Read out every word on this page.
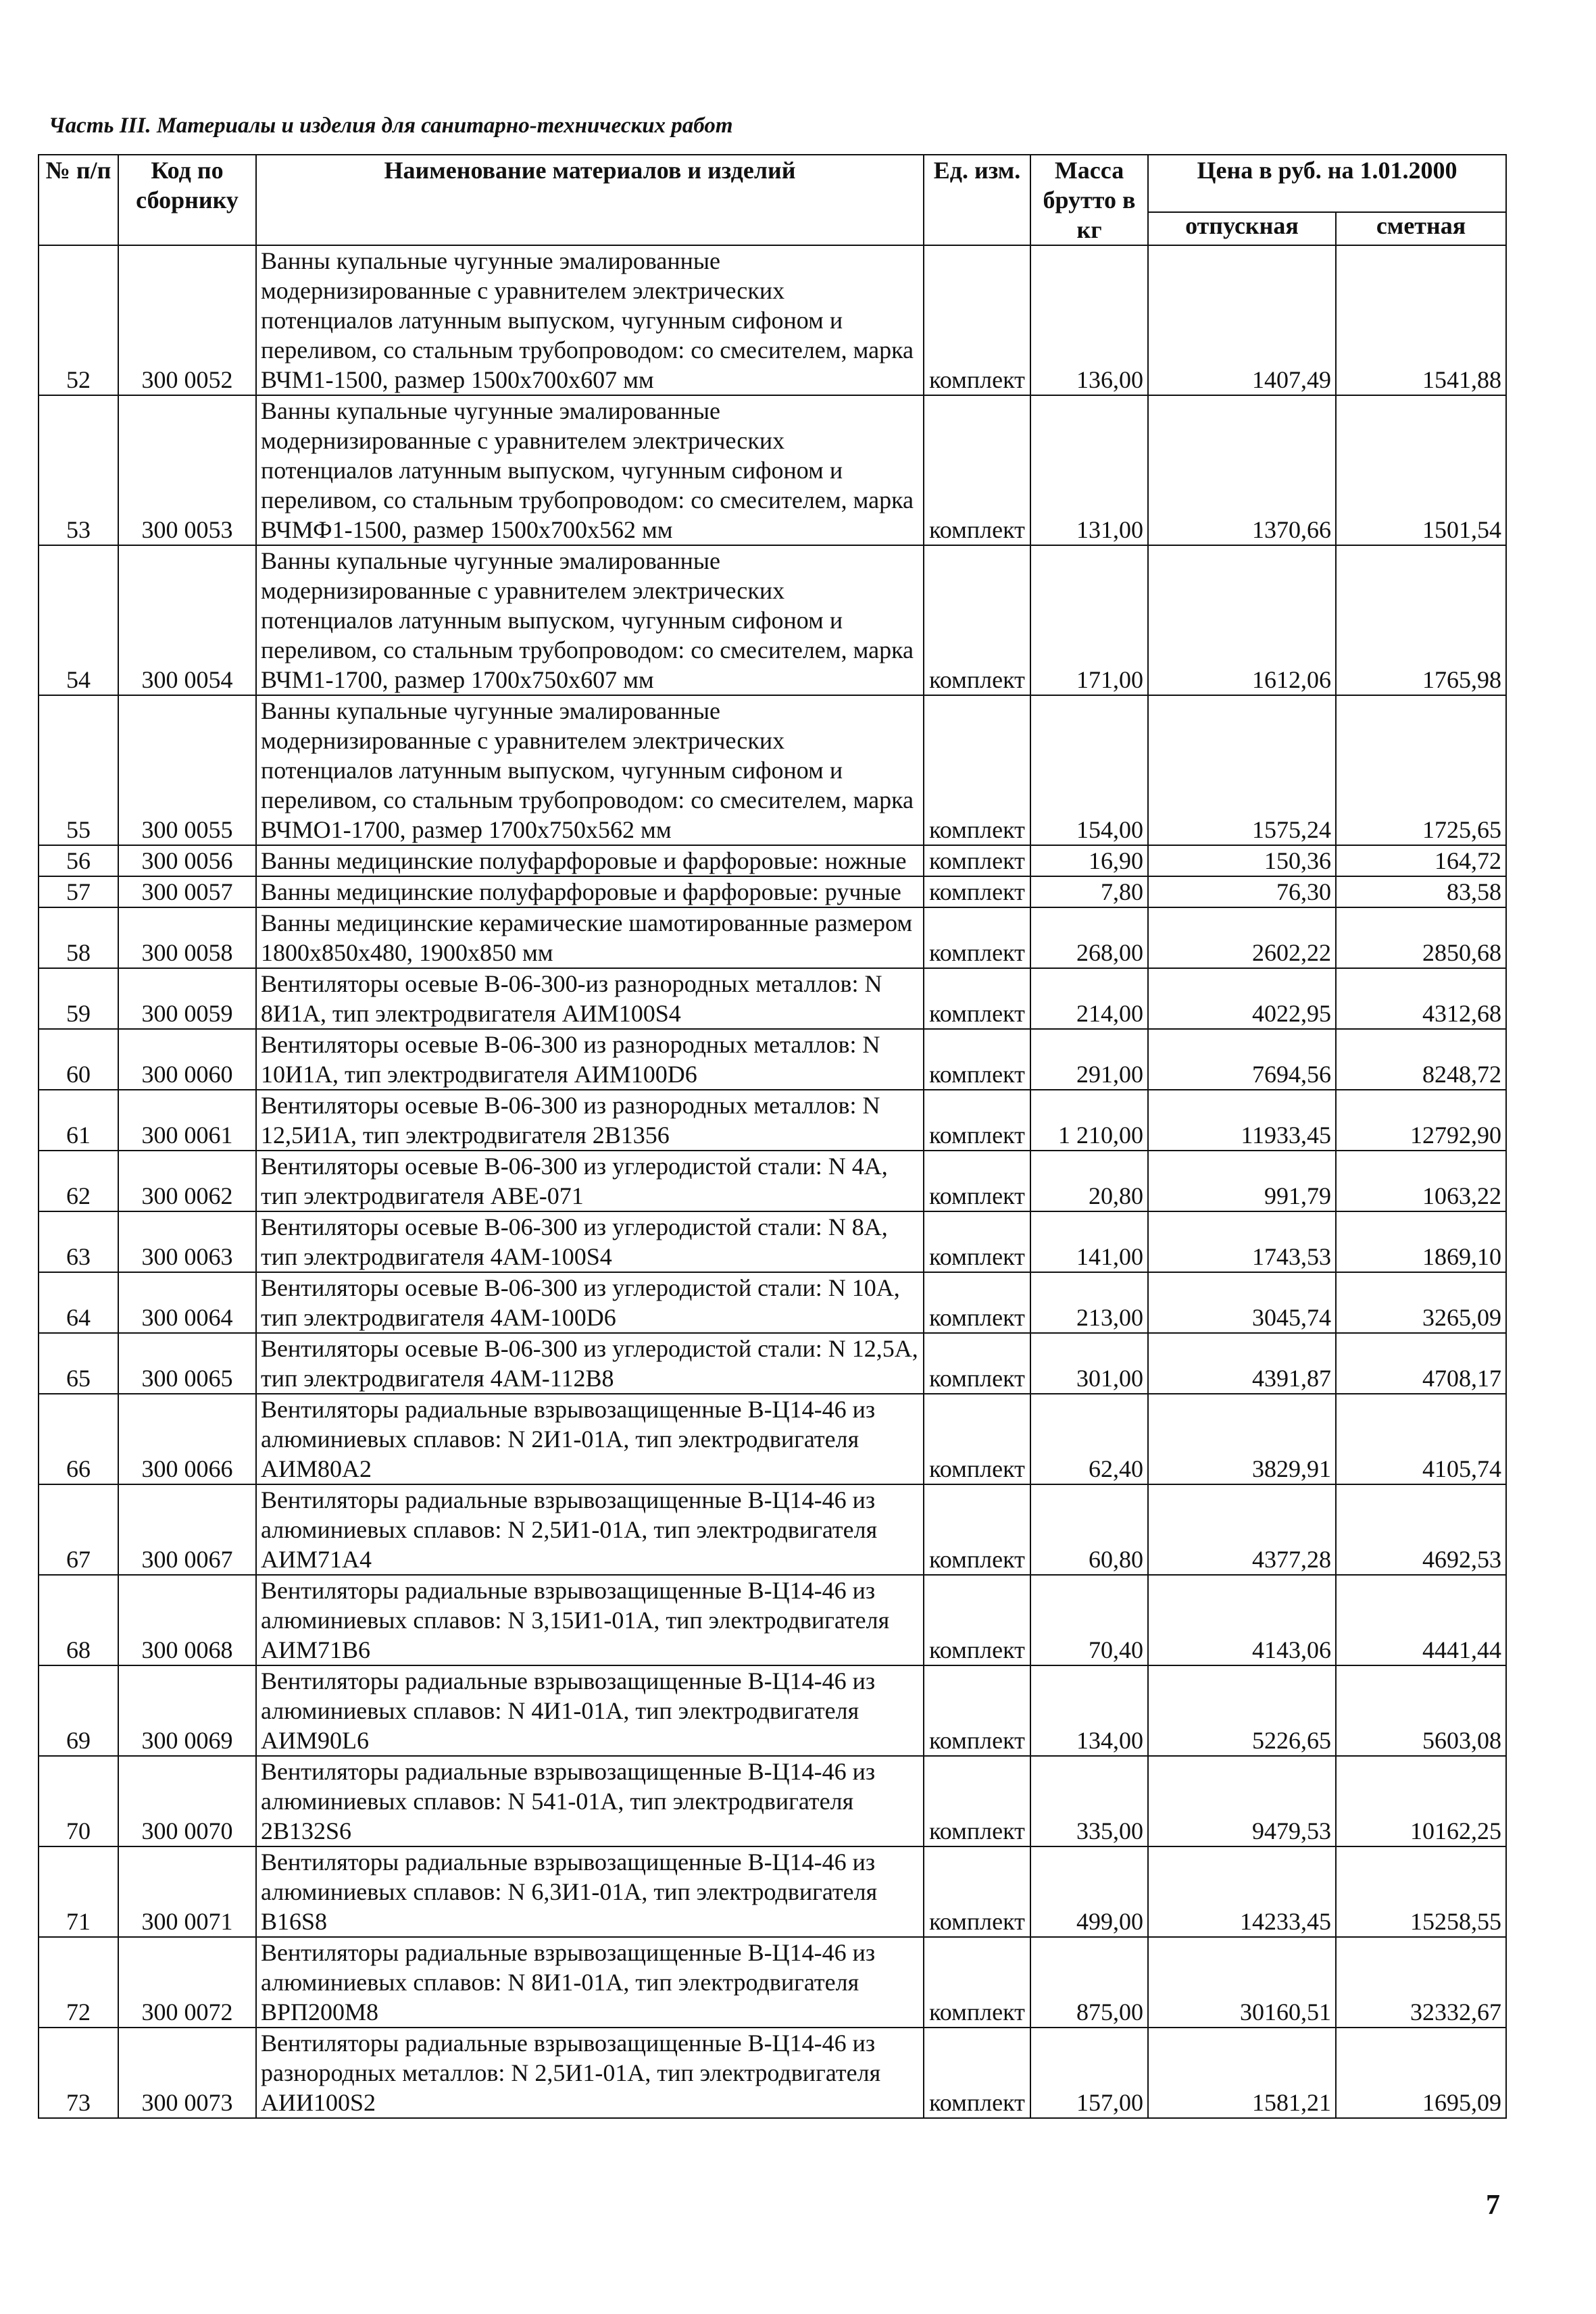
Часть III. Материалы и изделия для санитарно-технических работ
№ п/п	Код по сборнику	Наименование материалов и изделий	Ед. изм.	Масса брутто в кг	Цена в руб. на 1.01.2000	
					отпускная	сметная
52	300 0052	Ванны купальные чугунные эмалированные модернизированные с уравнителем электрических потенциалов латунным выпуском, чугунным сифоном и переливом, со стальным трубопроводом: со смесителем, марка ВЧМ1-1500, размер 1500х700х607 мм	комплект	136,00	1407,49	1541,88
53	300 0053	Ванны купальные чугунные эмалированные модернизированные с уравнителем электрических потенциалов латунным выпуском, чугунным сифоном и переливом, со стальным трубопроводом: со смесителем, марка ВЧМФ1-1500, размер 1500х700х562 мм	комплект	131,00	1370,66	1501,54
54	300 0054	Ванны купальные чугунные эмалированные модернизированные с уравнителем электрических потенциалов латунным выпуском, чугунным сифоном и переливом, со стальным трубопроводом: со смесителем, марка ВЧМ1-1700, размер 1700х750х607 мм	комплект	171,00	1612,06	1765,98
55	300 0055	Ванны купальные чугунные эмалированные модернизированные с уравнителем электрических потенциалов латунным выпуском, чугунным сифоном и переливом, со стальным трубопроводом: со смесителем, марка ВЧМО1-1700, размер 1700х750х562 мм	комплект	154,00	1575,24	1725,65
56	300 0056	Ванны медицинские полуфарфоровые и фарфоровые: ножные	комплект	16,90	150,36	164,72
57	300 0057	Ванны медицинские полуфарфоровые и фарфоровые: ручные	комплект	7,80	76,30	83,58
58	300 0058	Ванны медицинские керамические шамотированные размером 1800х850х480, 1900х850 мм	комплект	268,00	2602,22	2850,68
59	300 0059	Вентиляторы осевые В-06-300-из разнородных металлов: N 8И1А, тип электродвигателя АИМ100S4	комплект	214,00	4022,95	4312,68
60	300 0060	Вентиляторы осевые В-06-300 из разнородных металлов: N 10И1А, тип электродвигателя АИМ100D6	комплект	291,00	7694,56	8248,72
61	300 0061	Вентиляторы осевые В-06-300 из разнородных металлов: N 12,5И1А, тип электродвигателя 2В1356	комплект	1 210,00	11933,45	12792,90
62	300 0062	Вентиляторы осевые В-06-300 из углеродистой стали: N 4А, тип электродвигателя АВЕ-071	комплект	20,80	991,79	1063,22
63	300 0063	Вентиляторы осевые В-06-300 из углеродистой стали: N 8А, тип электродвигателя 4АМ-100S4	комплект	141,00	1743,53	1869,10
64	300 0064	Вентиляторы осевые В-06-300 из углеродистой стали: N 10А, тип электродвигателя 4АМ-100D6	комплект	213,00	3045,74	3265,09
65	300 0065	Вентиляторы осевые В-06-300 из углеродистой стали: N 12,5А, тип электродвигателя 4АМ-112В8	комплект	301,00	4391,87	4708,17
66	300 0066	Вентиляторы радиальные взрывозащищенные В-Ц14-46 из алюминиевых сплавов: N 2И1-01А, тип электродвигателя АИМ80А2	комплект	62,40	3829,91	4105,74
67	300 0067	Вентиляторы радиальные взрывозащищенные В-Ц14-46 из алюминиевых сплавов: N 2,5И1-01А, тип электродвигателя АИМ71А4	комплект	60,80	4377,28	4692,53
68	300 0068	Вентиляторы радиальные взрывозащищенные В-Ц14-46 из алюминиевых сплавов: N 3,15И1-01А, тип электродвигателя АИМ71В6	комплект	70,40	4143,06	4441,44
69	300 0069	Вентиляторы радиальные взрывозащищенные В-Ц14-46 из алюминиевых сплавов: N 4И1-01А, тип электродвигателя АИМ90L6	комплект	134,00	5226,65	5603,08
70	300 0070	Вентиляторы радиальные взрывозащищенные В-Ц14-46 из алюминиевых сплавов: N 541-01А, тип электродвигателя 2В132S6	комплект	335,00	9479,53	10162,25
71	300 0071	Вентиляторы радиальные взрывозащищенные В-Ц14-46 из алюминиевых сплавов: N 6,3И1-01А, тип электродвигателя В16S8	комплект	499,00	14233,45	15258,55
72	300 0072	Вентиляторы радиальные взрывозащищенные В-Ц14-46 из алюминиевых сплавов: N 8И1-01А, тип электродвигателя ВРП200М8	комплект	875,00	30160,51	32332,67
73	300 0073	Вентиляторы радиальные взрывозащищенные В-Ц14-46 из разнородных металлов: N 2,5И1-01А, тип электродвигателя АИИ100S2	комплект	157,00	1581,21	1695,09
7
